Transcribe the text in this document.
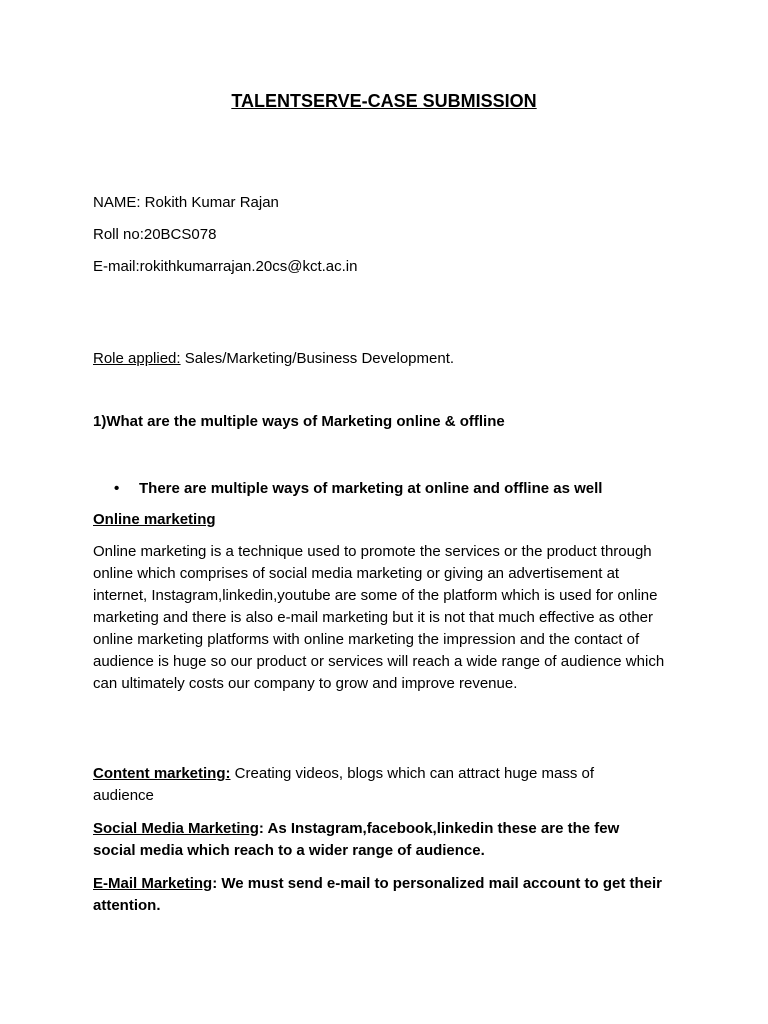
TALENTSERVE-CASE SUBMISSION

NAME: Rokith Kumar Rajan

Roll no:20BCS078

E-mail:rokithkumarrajan.20cs@kct.ac.in

Role applied: Sales/Marketing/Business Development.

1)What are the multiple ways of Marketing online & offline

• There are multiple ways of marketing at online and offline as well

Online marketing

Online marketing is a technique used to promote the services or the product through online which comprises of social media marketing or giving an advertisement at internet, Instagram,linkedin,youtube are some of the platform which is used for online marketing and there is also e-mail marketing but it is not that much effective as other online marketing platforms with online marketing the impression and the contact of audience is huge so our product or services will reach a wide range of audience which can ultimately costs our company to grow and improve revenue.

Content marketing: Creating videos, blogs which can attract huge mass of audience

Social Media Marketing: As Instagram,facebook,linkedin these are the few social media which reach to a wider range of audience.

E-Mail Marketing: We must send e-mail to personalized mail account to get their attention.
